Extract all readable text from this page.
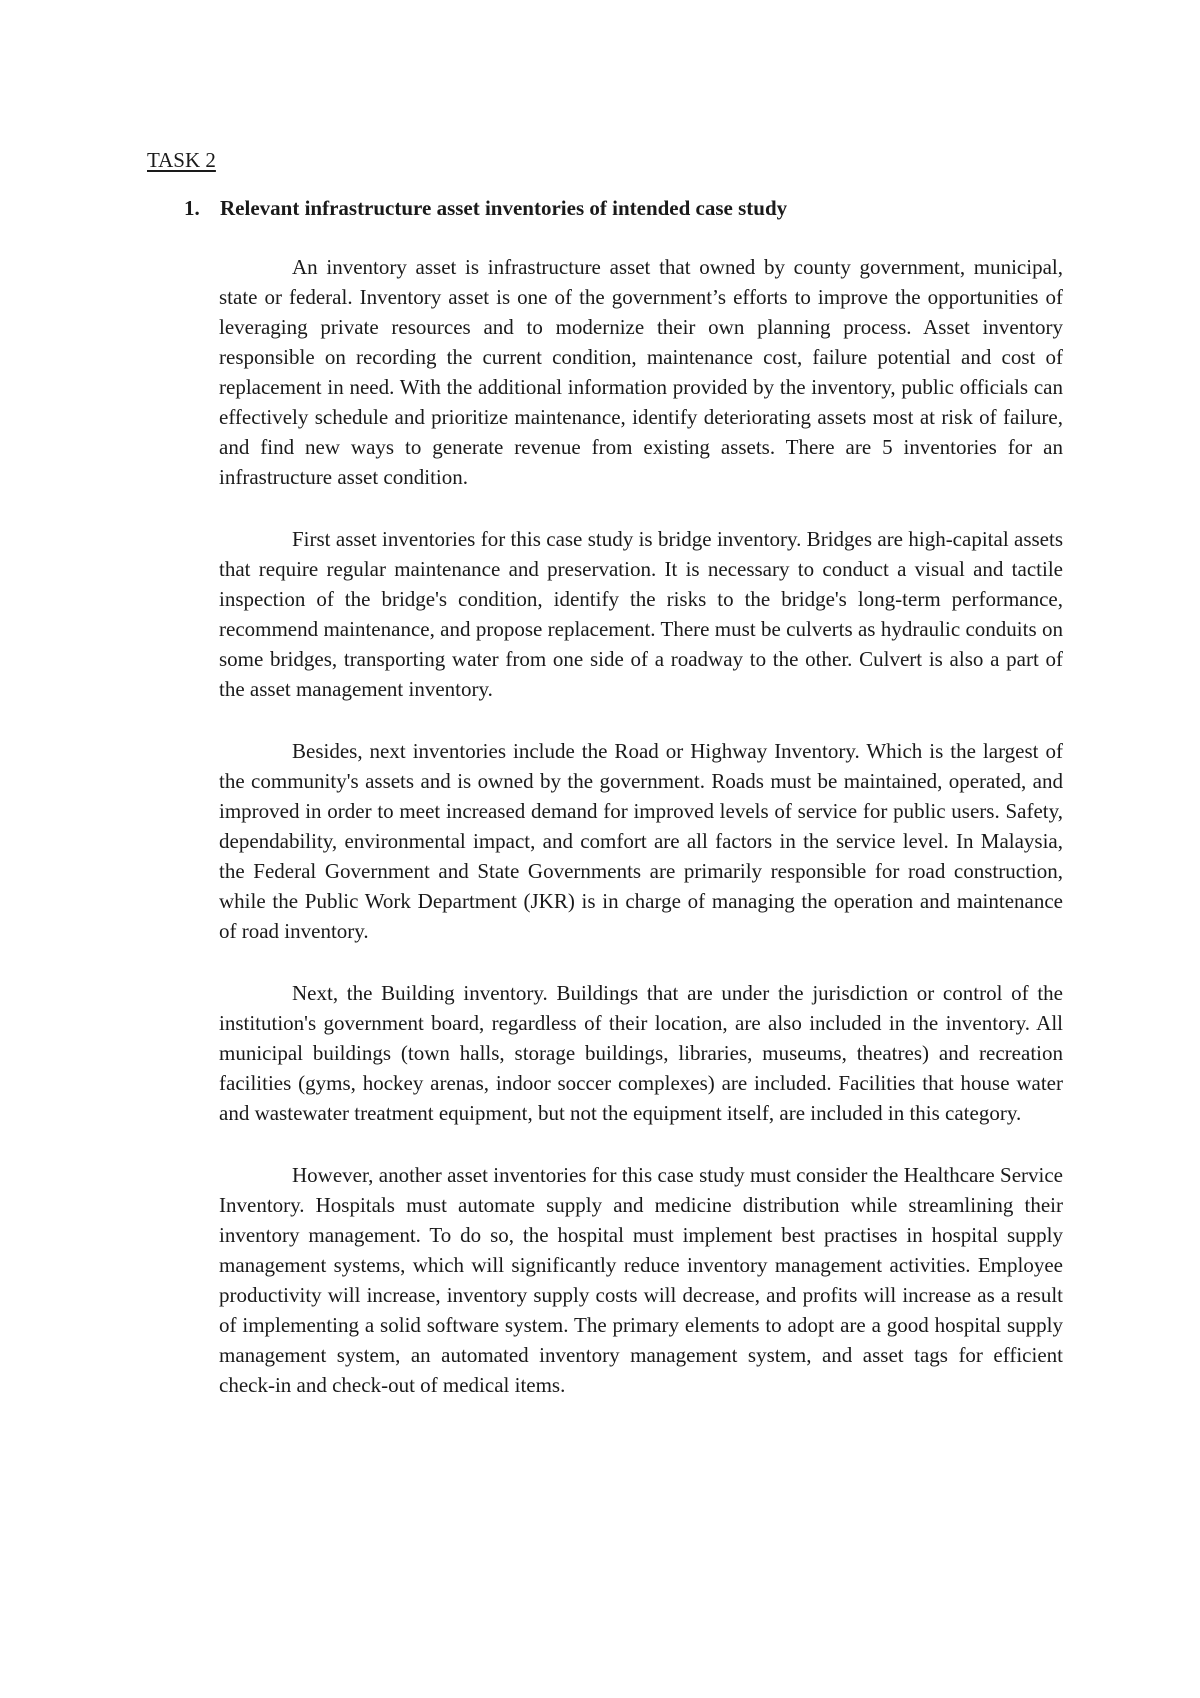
TASK 2
1. Relevant infrastructure asset inventories of intended case study

An inventory asset is infrastructure asset that owned by county government, municipal, state or federal. Inventory asset is one of the government’s efforts to improve the opportunities of leveraging private resources and to modernize their own planning process. Asset inventory responsible on recording the current condition, maintenance cost, failure potential and cost of replacement in need. With the additional information provided by the inventory, public officials can effectively schedule and prioritize maintenance, identify deteriorating assets most at risk of failure, and find new ways to generate revenue from existing assets. There are 5 inventories for an infrastructure asset condition.

First asset inventories for this case study is bridge inventory. Bridges are high-capital assets that require regular maintenance and preservation. It is necessary to conduct a visual and tactile inspection of the bridge's condition, identify the risks to the bridge's long-term performance, recommend maintenance, and propose replacement. There must be culverts as hydraulic conduits on some bridges, transporting water from one side of a roadway to the other. Culvert is also a part of the asset management inventory.

Besides, next inventories include the Road or Highway Inventory. Which is the largest of the community's assets and is owned by the government. Roads must be maintained, operated, and improved in order to meet increased demand for improved levels of service for public users. Safety, dependability, environmental impact, and comfort are all factors in the service level. In Malaysia, the Federal Government and State Governments are primarily responsible for road construction, while the Public Work Department (JKR) is in charge of managing the operation and maintenance of road inventory.

Next, the Building inventory. Buildings that are under the jurisdiction or control of the institution's government board, regardless of their location, are also included in the inventory. All municipal buildings (town halls, storage buildings, libraries, museums, theatres) and recreation facilities (gyms, hockey arenas, indoor soccer complexes) are included. Facilities that house water and wastewater treatment equipment, but not the equipment itself, are included in this category.

However, another asset inventories for this case study must consider the Healthcare Service Inventory. Hospitals must automate supply and medicine distribution while streamlining their inventory management. To do so, the hospital must implement best practises in hospital supply management systems, which will significantly reduce inventory management activities. Employee productivity will increase, inventory supply costs will decrease, and profits will increase as a result of implementing a solid software system. The primary elements to adopt are a good hospital supply management system, an automated inventory management system, and asset tags for efficient check-in and check-out of medical items.
